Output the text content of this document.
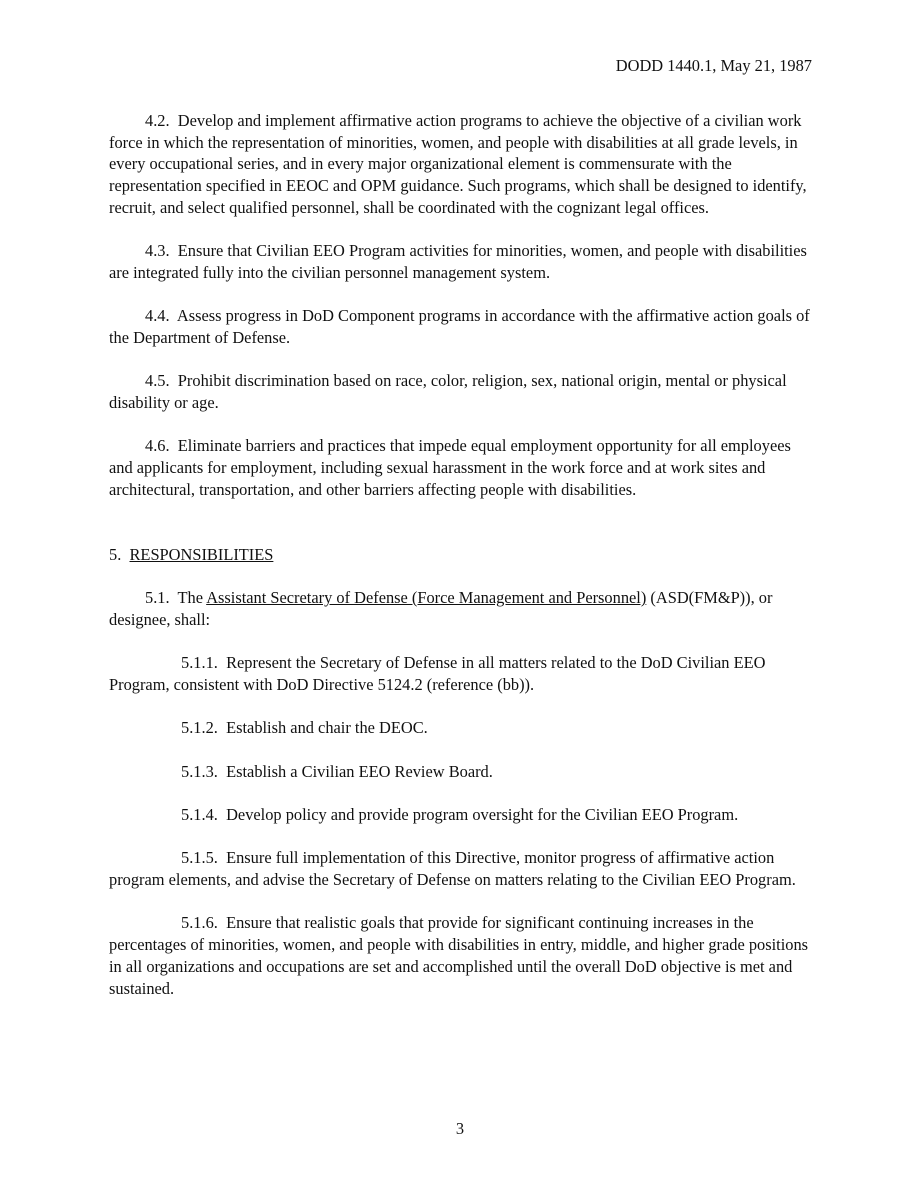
DODD 1440.1, May 21, 1987

4.2. Develop and implement affirmative action programs to achieve the objective of a civilian work force in which the representation of minorities, women, and people with disabilities at all grade levels, in every occupational series, and in every major organizational element is commensurate with the representation specified in EEOC and OPM guidance. Such programs, which shall be designed to identify, recruit, and select qualified personnel, shall be coordinated with the cognizant legal offices.

4.3. Ensure that Civilian EEO Program activities for minorities, women, and people with disabilities are integrated fully into the civilian personnel management system.

4.4. Assess progress in DoD Component programs in accordance with the affirmative action goals of the Department of Defense.

4.5. Prohibit discrimination based on race, color, religion, sex, national origin, mental or physical disability or age.

4.6. Eliminate barriers and practices that impede equal employment opportunity for all employees and applicants for employment, including sexual harassment in the work force and at work sites and architectural, transportation, and other barriers affecting people with disabilities.

5. RESPONSIBILITIES

5.1. The Assistant Secretary of Defense (Force Management and Personnel) (ASD(FM&P)), or designee, shall:

5.1.1. Represent the Secretary of Defense in all matters related to the DoD Civilian EEO Program, consistent with DoD Directive 5124.2 (reference (bb)).

5.1.2. Establish and chair the DEOC.

5.1.3. Establish a Civilian EEO Review Board.

5.1.4. Develop policy and provide program oversight for the Civilian EEO Program.

5.1.5. Ensure full implementation of this Directive, monitor progress of affirmative action program elements, and advise the Secretary of Defense on matters relating to the Civilian EEO Program.

5.1.6. Ensure that realistic goals that provide for significant continuing increases in the percentages of minorities, women, and people with disabilities in entry, middle, and higher grade positions in all organizations and occupations are set and accomplished until the overall DoD objective is met and sustained.

3
